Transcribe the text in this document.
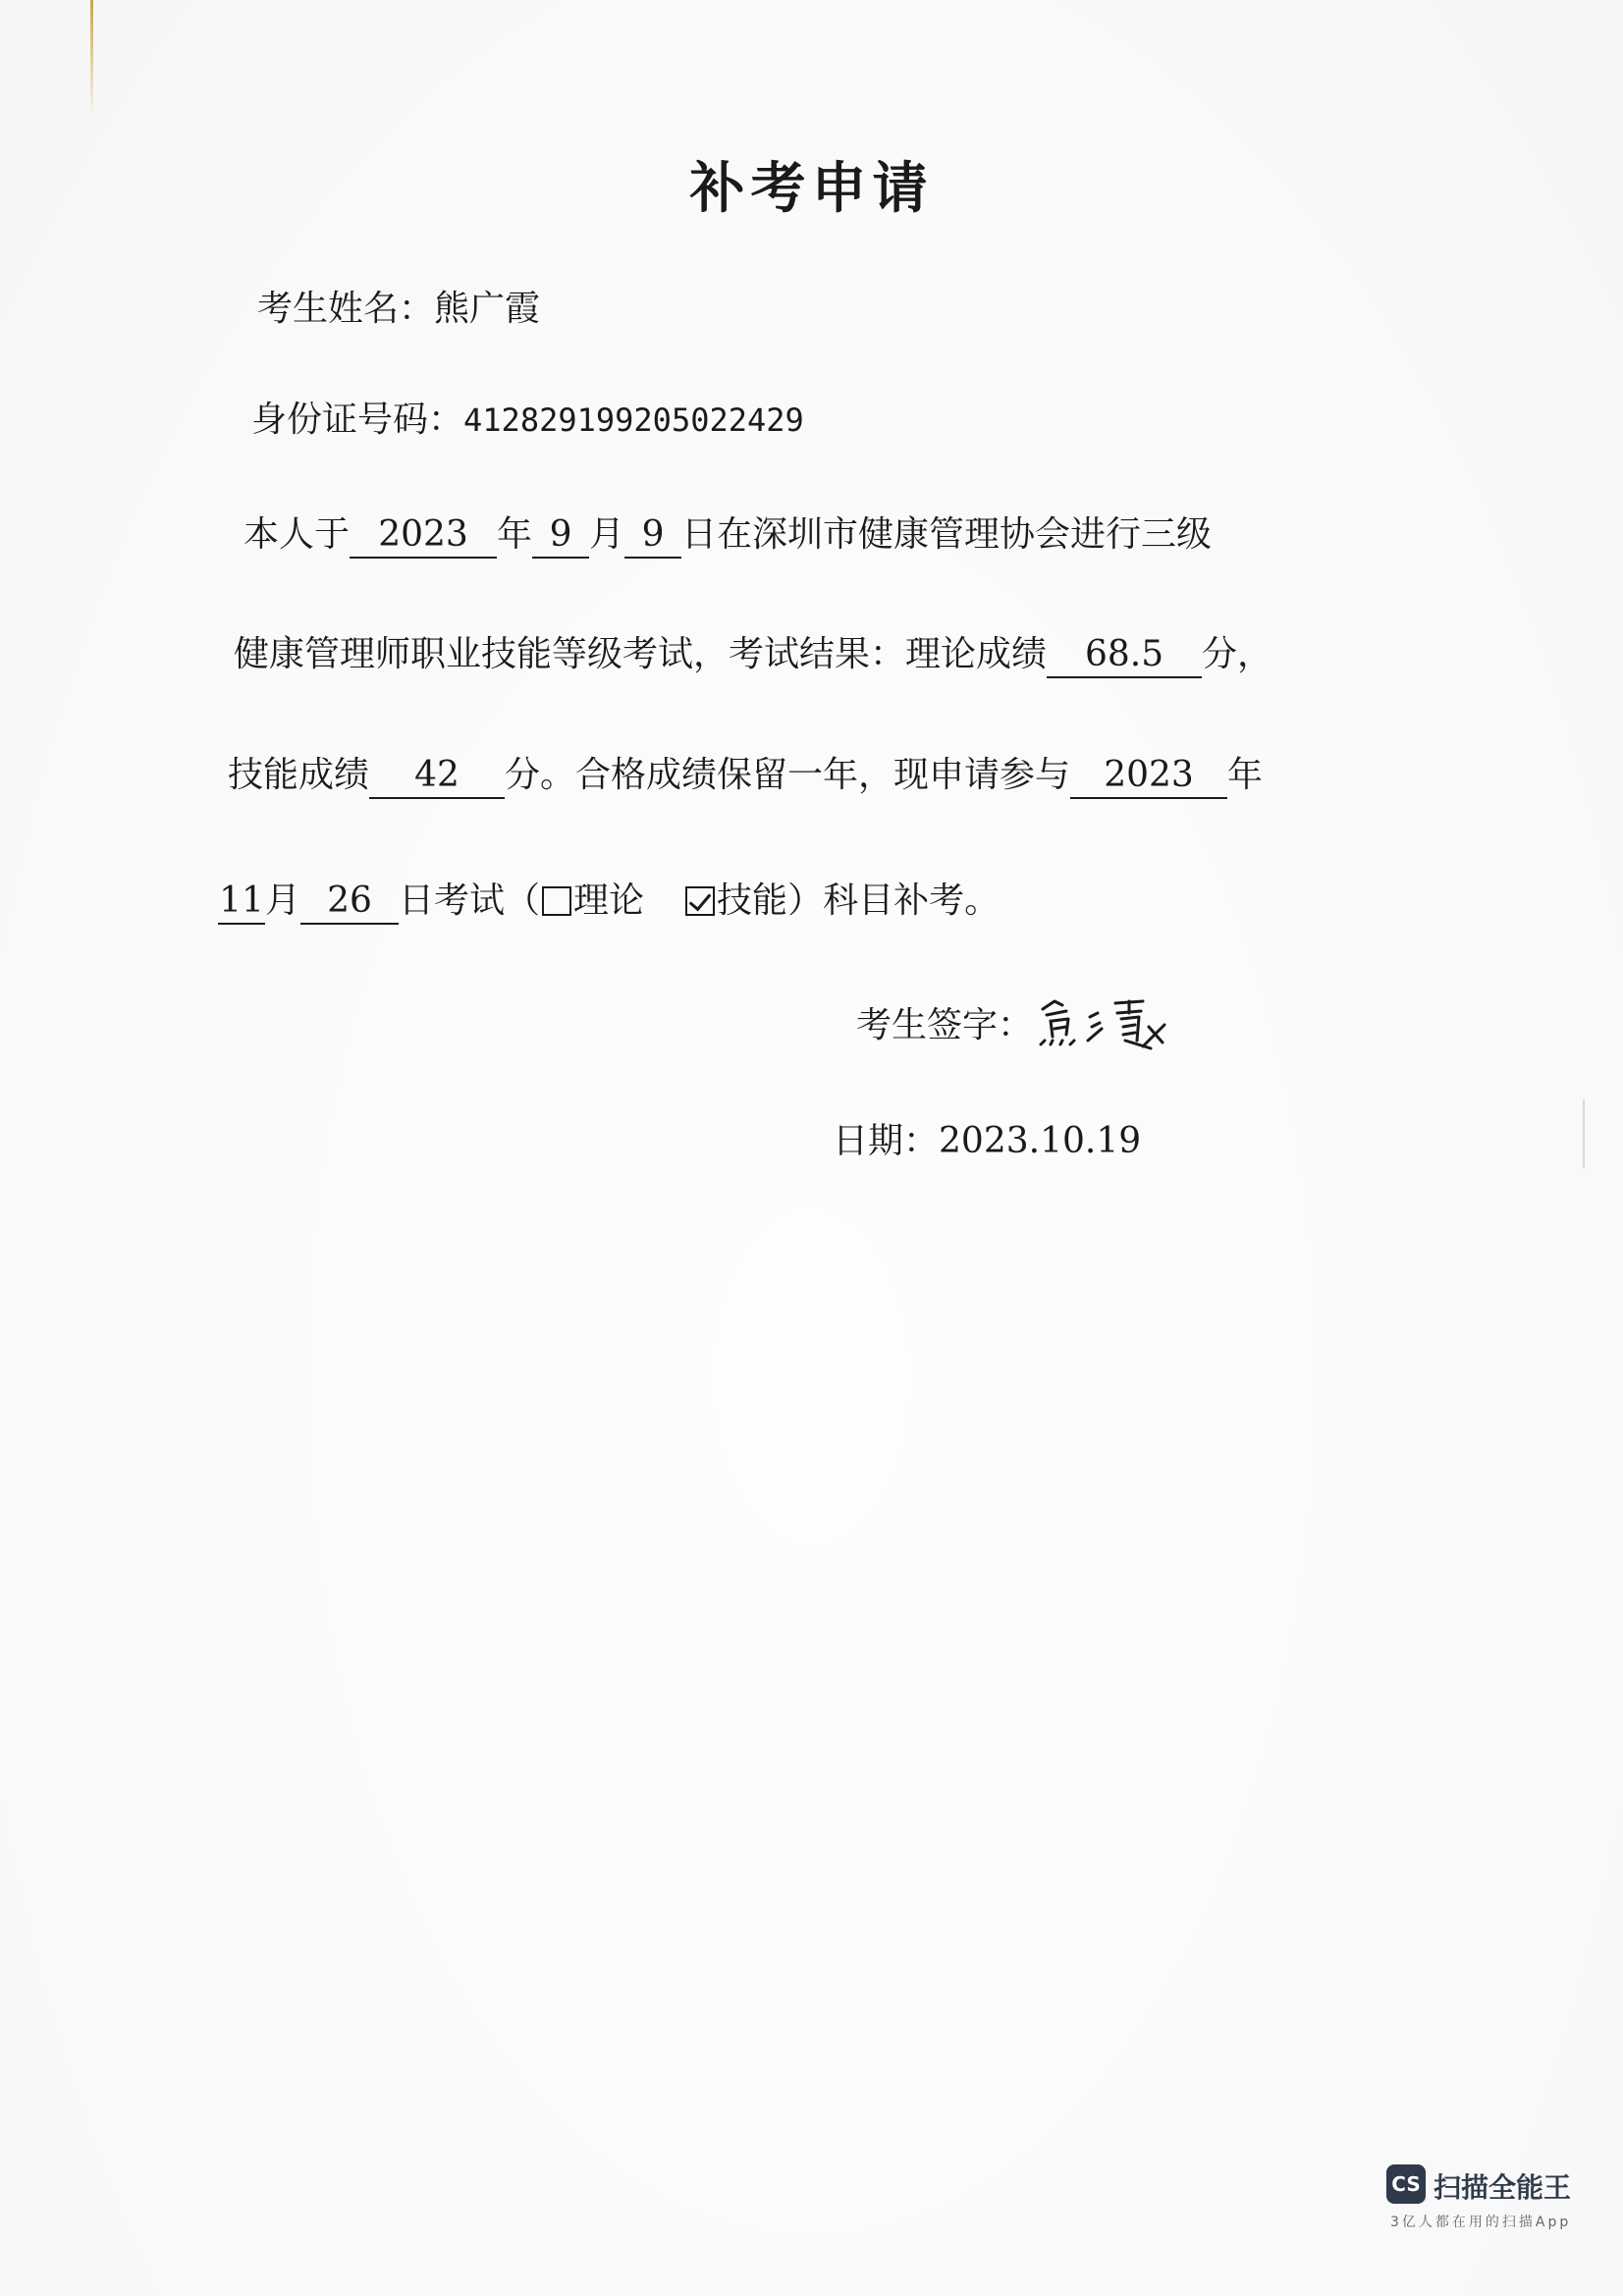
补考申请
考生姓名：熊广霞
身份证号码：412829199205022429
本人于 2023 年 9 月 9 日在深圳市健康管理协会进行三级
健康管理师职业技能等级考试，考试结果：理论成绩 68.5 分，
技能成绩 42 分。合格成绩保留一年，现申请参与 2023 年
11月 26 日考试（ 理论 技能）科目补考。
考生签字：
日期：2023.10.19
CS 扫描全能王
3亿人都在用的扫描App
